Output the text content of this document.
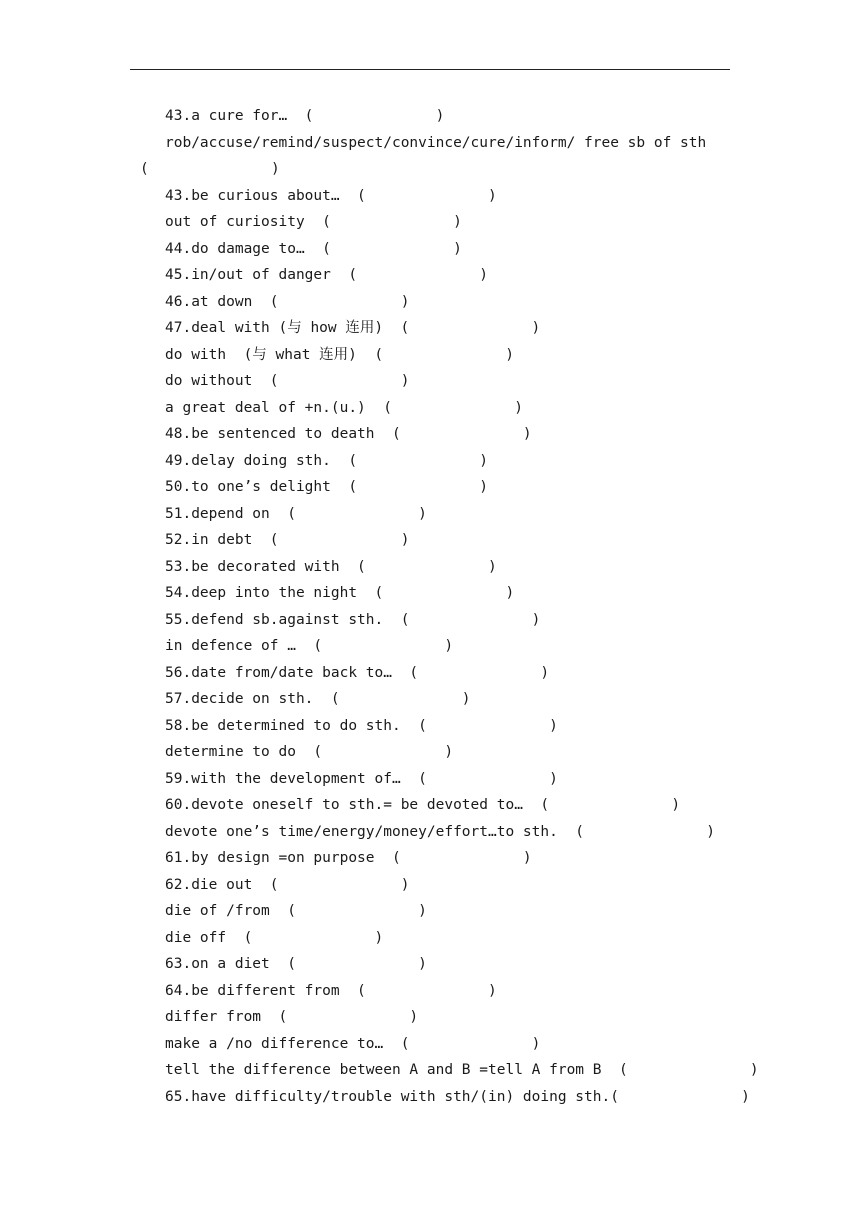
43.a cure for…  (              )
rob/accuse/remind/suspect/convince/cure/inform/ free sb of sth
(              )
43.be curious about…  (              )
out of curiosity  (              )
44.do damage to…  (              )
45.in/out of danger  (              )
46.at down  (              )
47.deal with (与 how 连用)  (              )
do with  (与 what 连用)  (              )
do without  (              )
a great deal of +n.(u.)  (              )
48.be sentenced to death  (              )
49.delay doing sth.  (              )
50.to one’s delight  (              )
51.depend on  (              )
52.in debt  (              )
53.be decorated with  (              )
54.deep into the night  (              )
55.defend sb.against sth.  (              )
in defence of …  (              )
56.date from/date back to…  (              )
57.decide on sth.  (              )
58.be determined to do sth.  (              )
determine to do  (              )
59.with the development of…  (              )
60.devote oneself to sth.= be devoted to…  (              )
devote one’s time/energy/money/effort…to sth.  (              )
61.by design =on purpose  (              )
62.die out  (              )
die of /from  (              )
die off  (              )
63.on a diet  (              )
64.be different from  (              )
differ from  (              )
make a /no difference to…  (              )
tell the difference between A and B =tell A from B  (              )
65.have difficulty/trouble with sth/(in) doing sth.(              )
